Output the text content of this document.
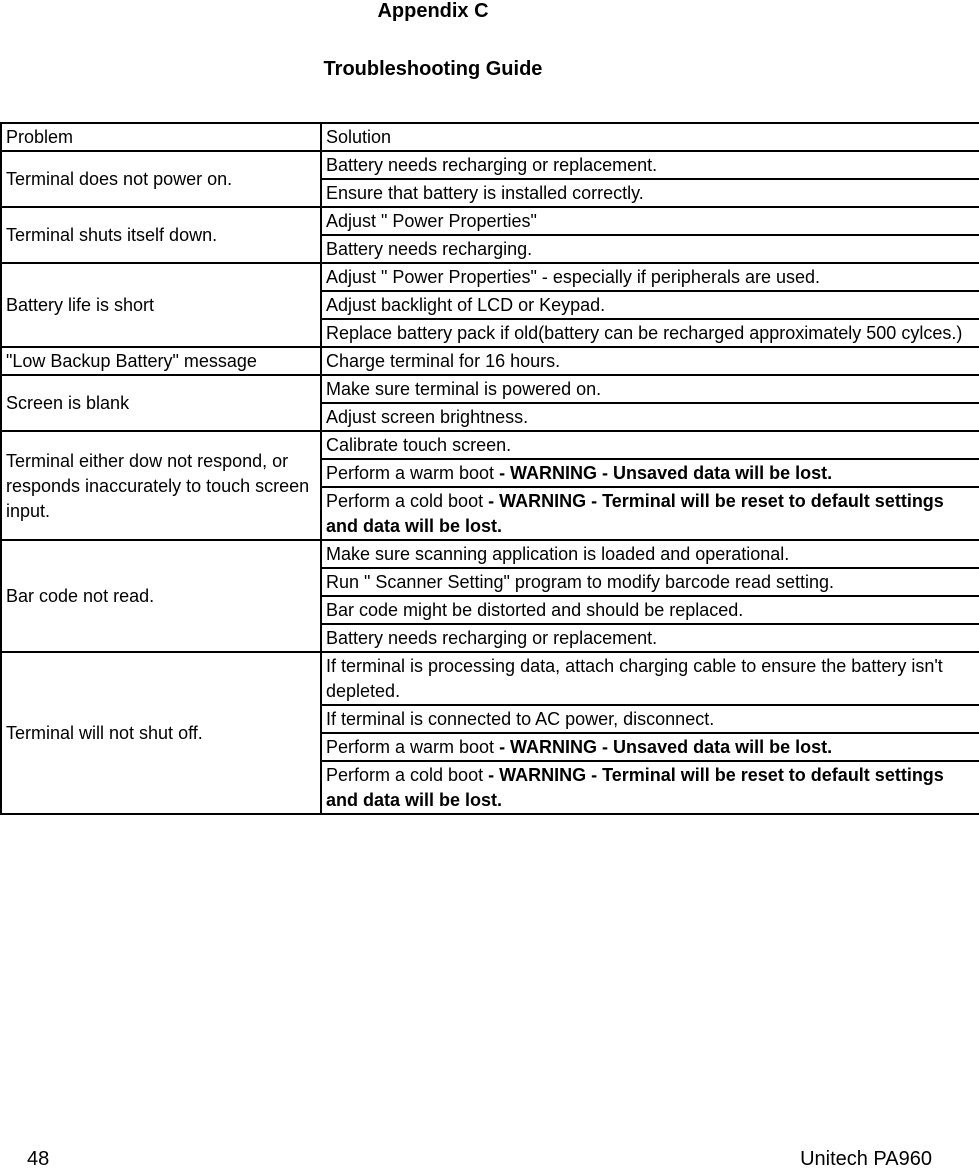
Appendix C
Troubleshooting Guide
Problem	Solution
Terminal does not power on.	Battery needs recharging or replacement.
	Ensure that battery is installed correctly.
Terminal shuts itself down.	Adjust " Power Properties"
	Battery needs recharging.
Battery life is short	Adjust " Power Properties" - especially if peripherals are used.
	Adjust backlight of LCD or Keypad.
	Replace battery pack if old(battery can be recharged approximately 500 cylces.)
"Low Backup Battery" message	Charge terminal for 16 hours.
Screen is blank	Make sure terminal is powered on.
	Adjust screen brightness.
Terminal either dow not respond, or responds inaccurately to touch screen input.	Calibrate touch screen.
	Perform a warm boot - WARNING - Unsaved data will be lost.
	Perform a cold boot - WARNING - Terminal will be reset to default settings and data will be lost.
Bar code not read.	Make sure scanning application is loaded and operational.
	Run " Scanner Setting" program to modify barcode read setting.
	Bar code might be distorted and should be replaced.
	Battery needs recharging or replacement.
Terminal will not shut off.	If terminal is processing data, attach charging cable to ensure the battery isn't depleted.
	If terminal is connected to AC power, disconnect.
	Perform a warm boot - WARNING - Unsaved data will be lost.
	Perform a cold boot - WARNING - Terminal will be reset to default settings and data will be lost.
48	Unitech PA960
